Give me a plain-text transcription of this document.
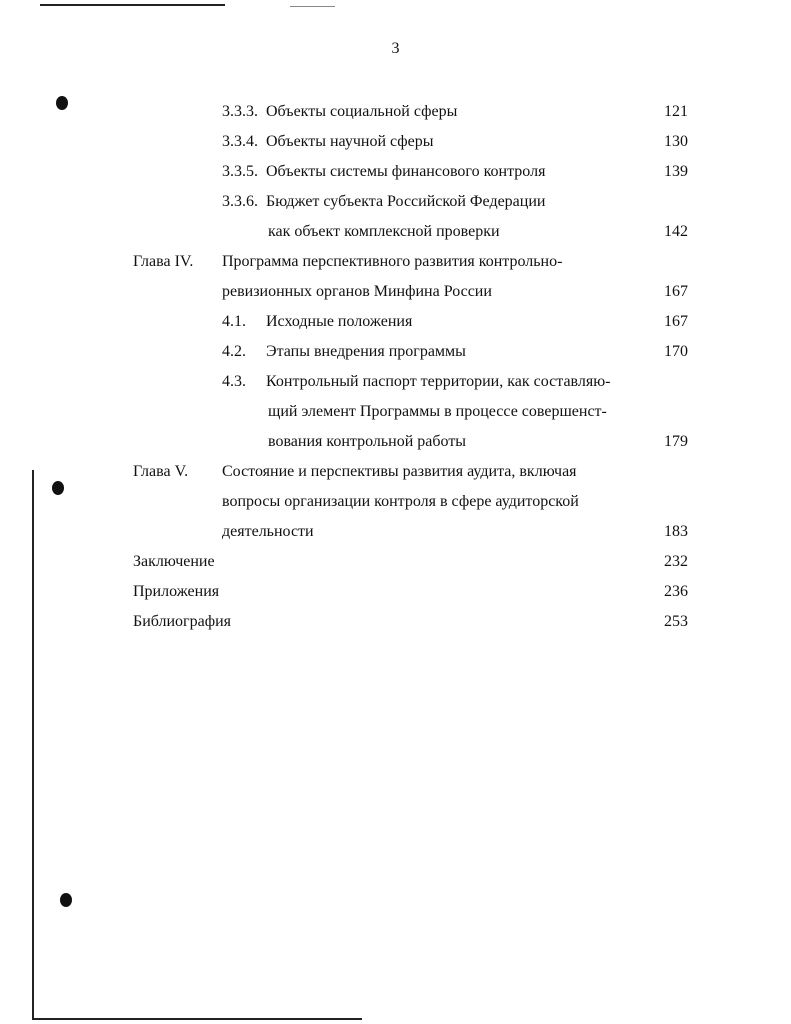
3
3.3.3. Объекты социальной сферы	121
3.3.4. Объекты научной сферы	130
3.3.5. Объекты системы финансового контроля	139
3.3.6. Бюджет субъекта Российской Федерации
как объект комплексной проверки	142
Глава IV. Программа перспективного развития контрольно-
ревизионных органов Минфина России	167
4.1. Исходные положения	167
4.2. Этапы внедрения программы	170
4.3. Контрольный паспорт территории, как составляю-
щий элемент Программы в процессе совершенст-
вования контрольной работы	179
Глава V. Состояние и перспективы развития аудита, включая
вопросы организации контроля в сфере аудиторской
деятельности	183
Заключение	232
Приложения	236
Библиография	253
